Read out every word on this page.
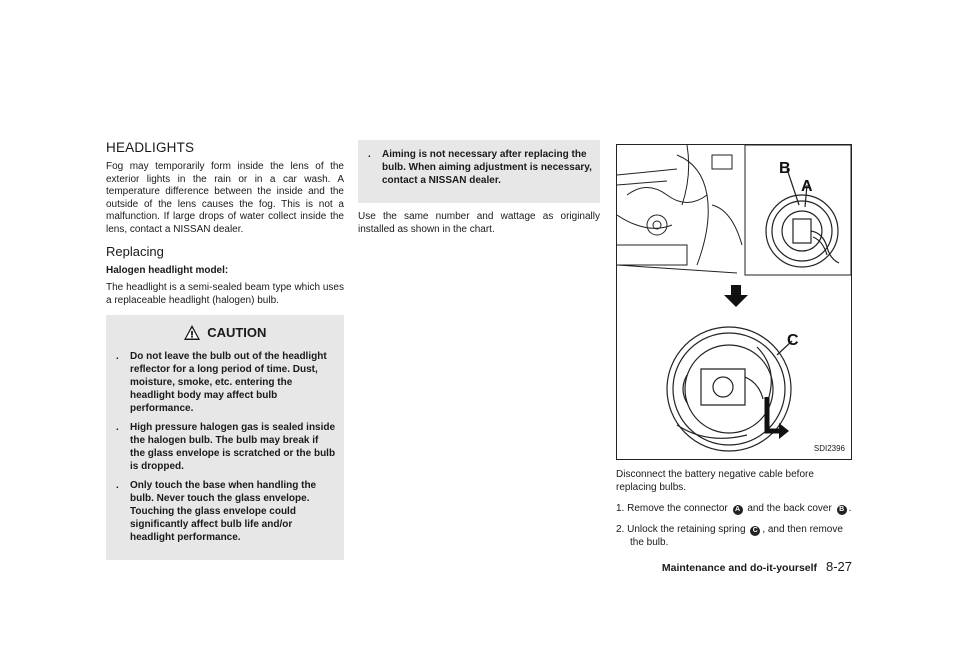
HEADLIGHTS

Fog may temporarily form inside the lens of the exterior lights in the rain or in a car wash. A temperature difference between the inside and the outside of the lens causes the fog. This is not a malfunction. If large drops of water collect inside the lens, contact a NISSAN dealer.

Replacing
Halogen headlight model:

The headlight is a semi-sealed beam type which uses a replaceable headlight (halogen) bulb.

CAUTION
. Do not leave the bulb out of the headlight reflector for a long period of time. Dust, moisture, smoke, etc. entering the headlight body may affect bulb performance.
. High pressure halogen gas is sealed inside the halogen bulb. The bulb may break if the glass envelope is scratched or the bulb is dropped.
. Only touch the base when handling the bulb. Never touch the glass envelope. Touching the glass envelope could significantly affect bulb life and/or headlight performance.
. Aiming is not necessary after replacing the bulb. When aiming adjustment is necessary, contact a NISSAN dealer.

Use the same number and wattage as originally installed as shown in the chart.

B
A
C
SDI2396

Disconnect the battery negative cable before replacing bulbs.

1. Remove the connector A and the back cover B .
2. Unlock the retaining spring C , and then remove the bulb.
Maintenance and do-it-yourself 8-27
